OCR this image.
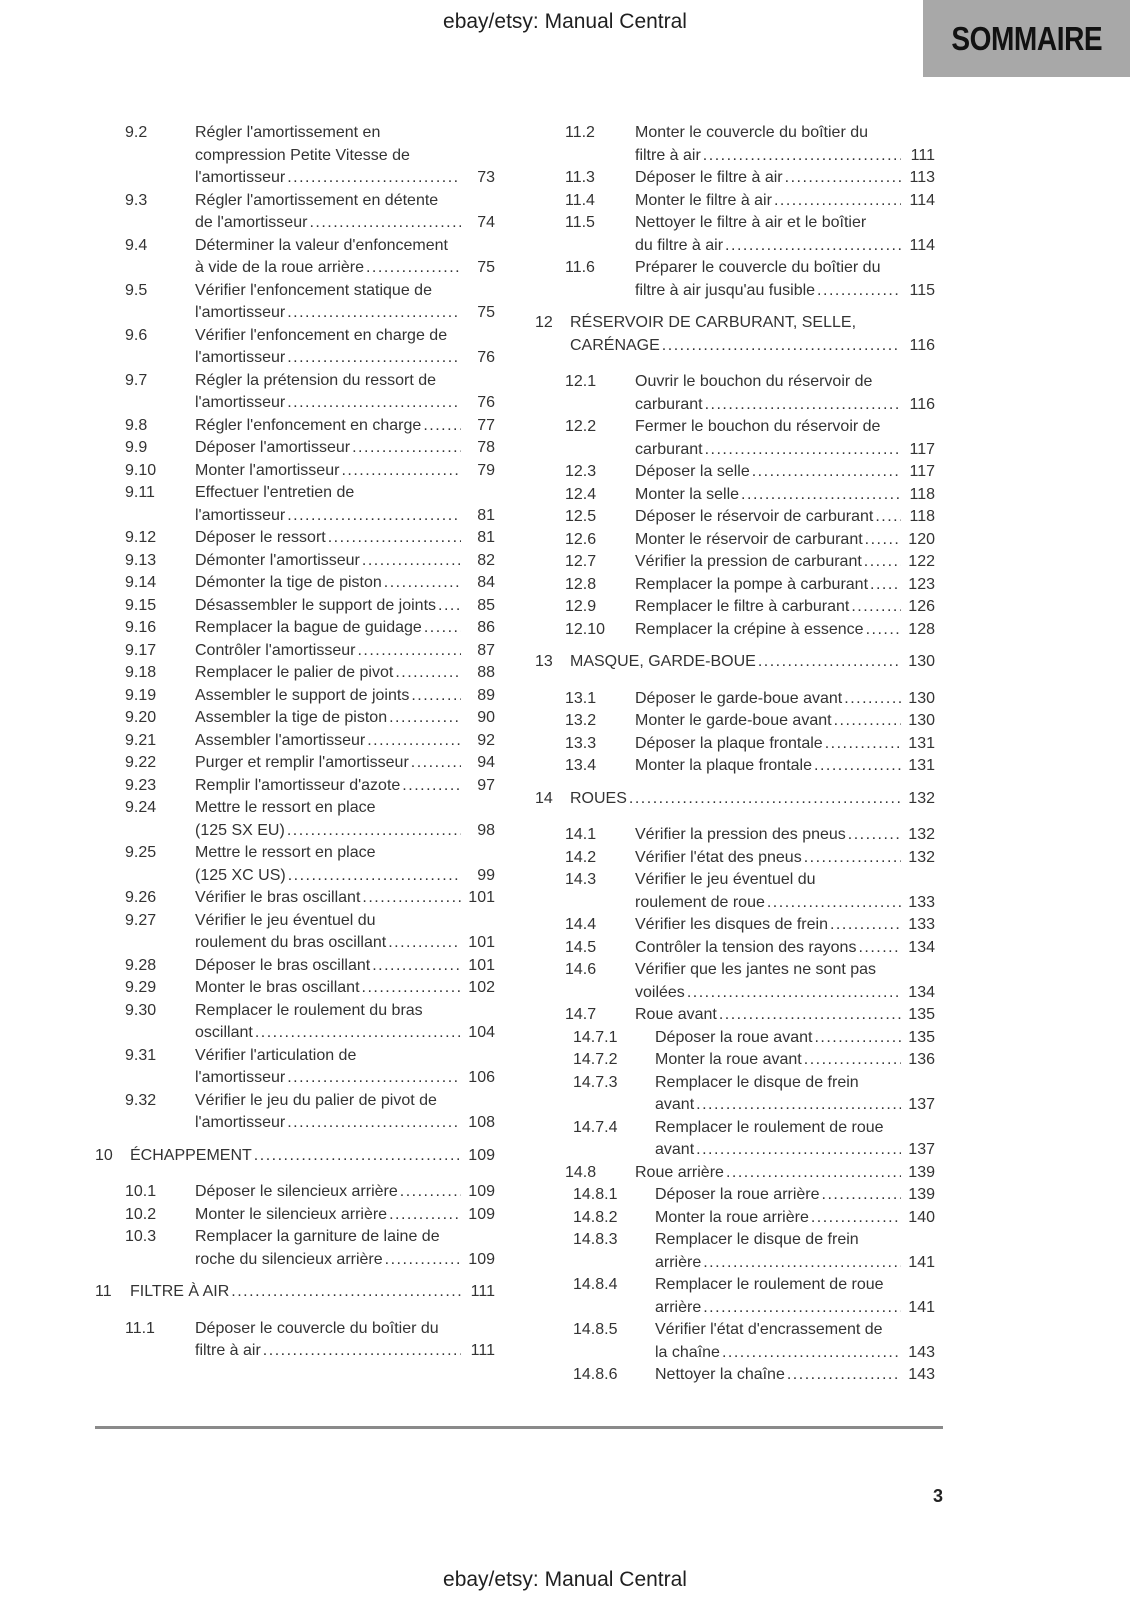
ebay/etsy: Manual Central	SOMMAIRE
9.2	Régler l'amortissement en
compression Petite Vitesse de
l'amortisseur .....	73
9.3	Régler l'amortissement en détente
de l'amortisseur .....	74
9.4	Déterminer la valeur d'enfoncement
à vide de la roue arrière .....	75
9.5	Vérifier l'enfoncement statique de
l'amortisseur .....	75
9.6	Vérifier l'enfoncement en charge de
l'amortisseur .....	76
9.7	Régler la prétension du ressort de
l'amortisseur .....	76
9.8	Régler l'enfoncement en charge .....	77
9.9	Déposer l'amortisseur .....	78
9.10	Monter l'amortisseur .....	79
9.11	Effectuer l'entretien de
l'amortisseur .....	81
9.12	Déposer le ressort .....	81
9.13	Démonter l'amortisseur .....	82
9.14	Démonter la tige de piston .....	84
9.15	Désassembler le support de joints .....	85
9.16	Remplacer la bague de guidage .....	86
9.17	Contrôler l'amortisseur .....	87
9.18	Remplacer le palier de pivot .....	88
9.19	Assembler le support de joints .....	89
9.20	Assembler la tige de piston .....	90
9.21	Assembler l'amortisseur .....	92
9.22	Purger et remplir l'amortisseur .....	94
9.23	Remplir l'amortisseur d'azote .....	97
9.24	Mettre le ressort en place
(125 SX EU) .....	98
9.25	Mettre le ressort en place
(125 XC US) .....	99
9.26	Vérifier le bras oscillant .....	101
9.27	Vérifier le jeu éventuel du
roulement du bras oscillant .....	101
9.28	Déposer le bras oscillant .....	101
9.29	Monter le bras oscillant .....	102
9.30	Remplacer le roulement du bras
oscillant .....	104
9.31	Vérifier l'articulation de
l'amortisseur .....	106
9.32	Vérifier le jeu du palier de pivot de
l'amortisseur .....	108
10	ÉCHAPPEMENT .....	109
10.1	Déposer le silencieux arrière .....	109
10.2	Monter le silencieux arrière .....	109
10.3	Remplacer la garniture de laine de
roche du silencieux arrière .....	109
11	FILTRE À AIR .....	111
11.1	Déposer le couvercle du boîtier du
filtre à air .....	111
11.2	Monter le couvercle du boîtier du
filtre à air .....	111
11.3	Déposer le filtre à air .....	113
11.4	Monter le filtre à air .....	114
11.5	Nettoyer le filtre à air et le boîtier
du filtre à air .....	114
11.6	Préparer le couvercle du boîtier du
filtre à air jusqu'au fusible .....	115
12	RÉSERVOIR DE CARBURANT, SELLE,
CARÉNAGE .....	116
12.1	Ouvrir le bouchon du réservoir de
carburant .....	116
12.2	Fermer le bouchon du réservoir de
carburant .....	117
12.3	Déposer la selle .....	117
12.4	Monter la selle .....	118
12.5	Déposer le réservoir de carburant .....	118
12.6	Monter le réservoir de carburant .....	120
12.7	Vérifier la pression de carburant .....	122
12.8	Remplacer la pompe à carburant .....	123
12.9	Remplacer le filtre à carburant .....	126
12.10	Remplacer la crépine à essence .....	128
13	MASQUE, GARDE-BOUE .....	130
13.1	Déposer le garde-boue avant .....	130
13.2	Monter le garde-boue avant .....	130
13.3	Déposer la plaque frontale .....	131
13.4	Monter la plaque frontale .....	131
14	ROUES .....	132
14.1	Vérifier la pression des pneus .....	132
14.2	Vérifier l'état des pneus .....	132
14.3	Vérifier le jeu éventuel du
roulement de roue .....	133
14.4	Vérifier les disques de frein .....	133
14.5	Contrôler la tension des rayons .....	134
14.6	Vérifier que les jantes ne sont pas
voilées .....	134
14.7	Roue avant .....	135
14.7.1	Déposer la roue avant .....	135
14.7.2	Monter la roue avant .....	136
14.7.3	Remplacer le disque de frein
avant .....	137
14.7.4	Remplacer le roulement de roue
avant .....	137
14.8	Roue arrière .....	139
14.8.1	Déposer la roue arrière .....	139
14.8.2	Monter la roue arrière .....	140
14.8.3	Remplacer le disque de frein
arrière .....	141
14.8.4	Remplacer le roulement de roue
arrière .....	141
14.8.5	Vérifier l'état d'encrassement de
la chaîne .....	143
14.8.6	Nettoyer la chaîne .....	143
3
ebay/etsy: Manual Central
